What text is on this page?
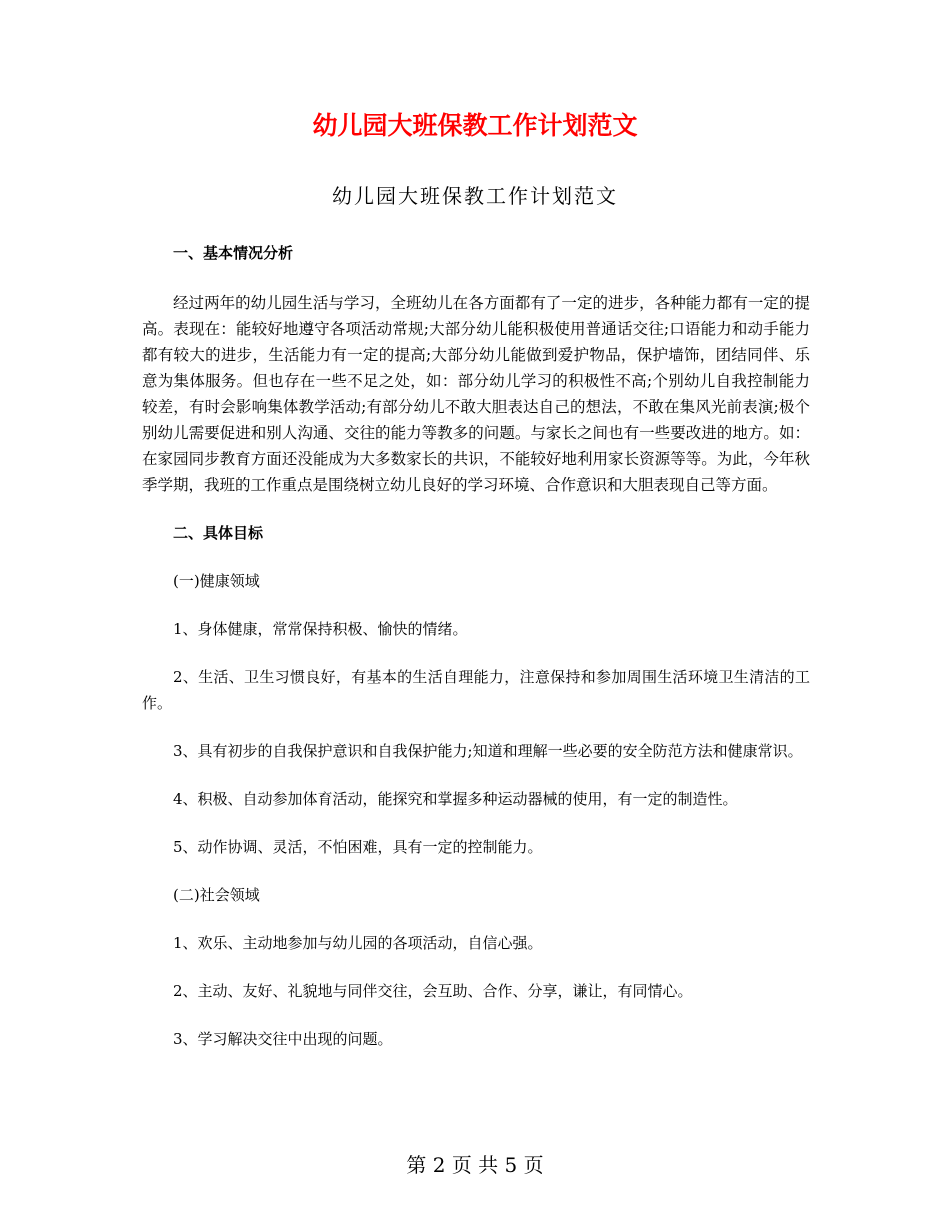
幼儿园大班保教工作计划范文
幼儿园大班保教工作计划范文

一、基本情况分析

经过两年的幼儿园生活与学习，全班幼儿在各方面都有了一定的进步，各种能力都有一定的提高。表现在：能较好地遵守各项活动常规;大部分幼儿能积极使用普通话交往;口语能力和动手能力都有较大的进步，生活能力有一定的提高;大部分幼儿能做到爱护物品，保护墙饰，团结同伴、乐意为集体服务。但也存在一些不足之处，如：部分幼儿学习的积极性不高;个别幼儿自我控制能力较差，有时会影响集体教学活动;有部分幼儿不敢大胆表达自己的想法，不敢在集风光前表演;极个别幼儿需要促进和别人沟通、交往的能力等教多的问题。与家长之间也有一些要改进的地方。如：在家园同步教育方面还没能成为大多数家长的共识，不能较好地利用家长资源等等。为此，今年秋季学期，我班的工作重点是围绕树立幼儿良好的学习环境、合作意识和大胆表现自己等方面。

二、具体目标

(一)健康领域

1、身体健康，常常保持积极、愉快的情绪。

2、生活、卫生习惯良好，有基本的生活自理能力，注意保持和参加周围生活环境卫生清洁的工作。

3、具有初步的自我保护意识和自我保护能力;知道和理解一些必要的安全防范方法和健康常识。

4、积极、自动参加体育活动，能探究和掌握多种运动器械的使用，有一定的制造性。

5、动作协调、灵活，不怕困难，具有一定的控制能力。

(二)社会领域

1、欢乐、主动地参加与幼儿园的各项活动，自信心强。

2、主动、友好、礼貌地与同伴交往，会互助、合作、分享，谦让，有同情心。

3、学习解决交往中出现的问题。

第 2 页 共 5 页
